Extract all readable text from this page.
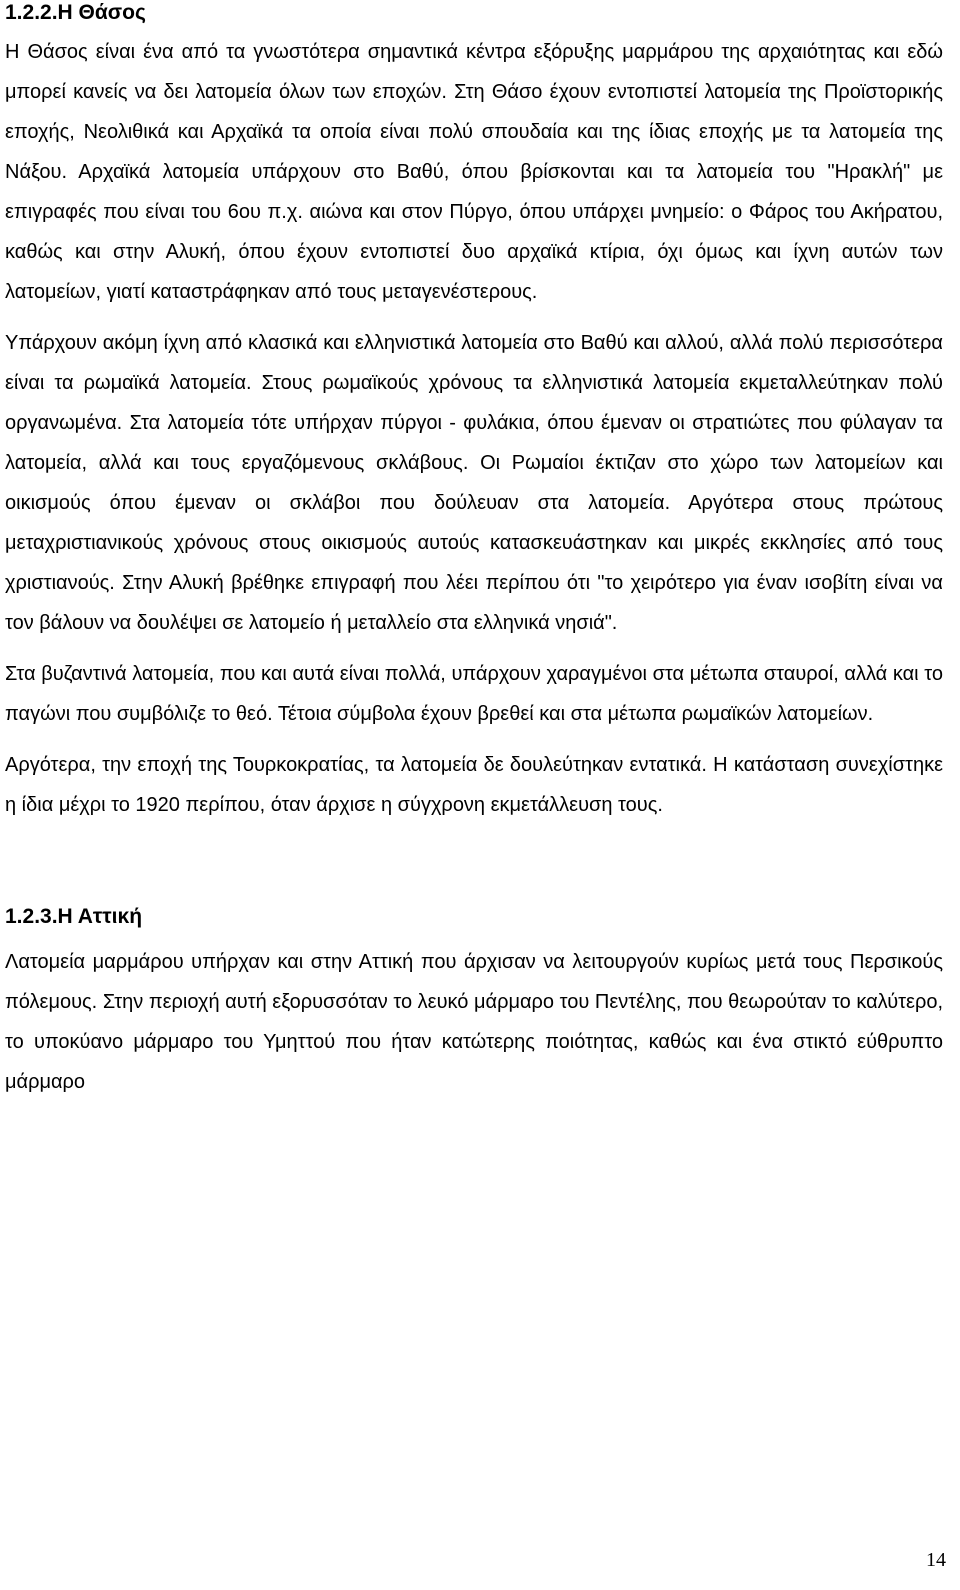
1.2.2.Η Θάσος

Η Θάσος είναι ένα από τα γνωστότερα σημαντικά κέντρα εξόρυξης μαρμάρου της αρχαιότητας και εδώ μπορεί κανείς να δει λατομεία όλων των εποχών. Στη Θάσο έχουν εντοπιστεί λατομεία της Προϊστορικής εποχής, Νεολιθικά και Αρχαϊκά τα οποία είναι πολύ σπουδαία και της ίδιας εποχής με τα λατομεία της Νάξου. Αρχαϊκά λατομεία υπάρχουν στο Βαθύ, όπου βρίσκονται και τα λατομεία του "Ηρακλή" με επιγραφές που είναι του 6ου π.χ. αιώνα και στον Πύργο, όπου υπάρχει μνημείο: ο Φάρος του Ακήρατου, καθώς και στην Αλυκή, όπου έχουν εντοπιστεί δυο αρχαϊκά κτίρια, όχι όμως και ίχνη αυτών των λατομείων, γιατί καταστράφηκαν από τους μεταγενέστερους.

Υπάρχουν ακόμη ίχνη από κλασικά και ελληνιστικά λατομεία στο Βαθύ και αλλού, αλλά πολύ περισσότερα είναι τα ρωμαϊκά λατομεία. Στους ρωμαϊκούς χρόνους τα ελληνιστικά λατομεία εκμεταλλεύτηκαν πολύ οργανωμένα. Στα λατομεία τότε υπήρχαν πύργοι - φυλάκια, όπου έμεναν οι στρατιώτες που φύλαγαν τα λατομεία, αλλά και τους εργαζόμενους σκλάβους. Οι Ρωμαίοι έκτιζαν στο χώρο των λατομείων και οικισμούς όπου έμεναν οι σκλάβοι που δούλευαν στα λατομεία. Αργότερα στους πρώτους μεταχριστιανικούς χρόνους στους οικισμούς αυτούς κατασκευάστηκαν και μικρές εκκλησίες από τους χριστιανούς. Στην Αλυκή βρέθηκε επιγραφή που λέει περίπου ότι "το χειρότερο για έναν ισοβίτη είναι να τον βάλουν να δουλέψει σε λατομείο ή μεταλλείο στα ελληνικά νησιά".

Στα βυζαντινά λατομεία, που και αυτά είναι πολλά, υπάρχουν χαραγμένοι στα μέτωπα σταυροί, αλλά και το παγώνι που συμβόλιζε το θεό. Τέτοια σύμβολα έχουν βρεθεί και στα μέτωπα ρωμαϊκών λατομείων.

Αργότερα, την εποχή της Τουρκοκρατίας, τα λατομεία δε δουλεύτηκαν εντατικά. Η κατάσταση συνεχίστηκε η ίδια μέχρι το 1920 περίπου, όταν άρχισε η σύγχρονη εκμετάλλευση τους.

1.2.3.Η Αττική

Λατομεία μαρμάρου υπήρχαν και στην Αττική που άρχισαν να λειτουργούν κυρίως μετά τους Περσικούς πόλεμους. Στην περιοχή αυτή εξορυσσόταν το λευκό μάρμαρο του Πεντέλης, που θεωρούταν το καλύτερο, το υποκύανο μάρμαρο του Υμηττού που ήταν κατώτερης ποιότητας, καθώς και ένα στικτό εύθρυπτο μάρμαρο

14
